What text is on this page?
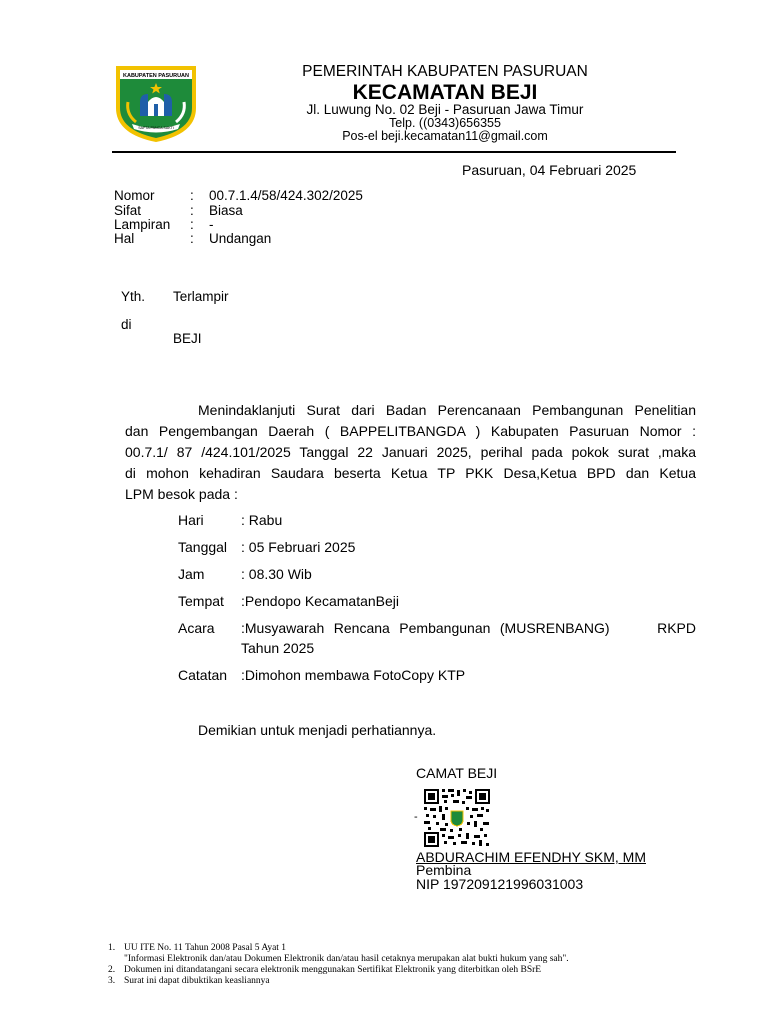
KABUPATEN PASURUAN
SAPTA PANCA SAKTI
PEMERINTAH KABUPATEN PASURUAN
KECAMATAN BEJI
Jl. Luwung No. 02 Beji - Pasuruan Jawa Timur
Telp. ((0343)656355
Pos-el beji.kecamatan11@gmail.com
Pasuruan, 04 Februari 2025
Nomor	: 00.7.1.4/58/424.302/2025
Sifat	: Biasa
Lampiran : -
Hal	: Undangan
Yth. Terlampir
di
BEJI
Menindaklanjuti Surat dari Badan Perencanaan Pembangunan Penelitian
dan Pengembangan Daerah ( BAPPELITBANGDA ) Kabupaten Pasuruan Nomor :
00.7.1/ 87 /424.101/2025 Tanggal 22 Januari 2025, perihal pada pokok surat ,maka
di mohon kehadiran Saudara beserta Ketua TP PKK Desa,Ketua BPD dan Ketua
LPM besok pada :
Hari	: Rabu
Tanggal : 05 Februari 2025
Jam	: 08.30 Wib
Tempat :Pendopo KecamatanBeji
Acara :Musyawarah Rencana Pembangunan (MUSRENBANG)     RKPD
Tahun 2025
Catatan :Dimohon membawa FotoCopy KTP
Demikian untuk menjadi perhatiannya.
CAMAT BEJI
-
ABDURACHIM EFENDHY SKM, MM
Pembina
NIP 197209121996031003
1. UU ITE No. 11 Tahun 2008 Pasal 5 Ayat 1
"Informasi Elektronik dan/atau Dokumen Elektronik dan/atau hasil cetaknya merupakan alat bukti hukum yang sah".
2. Dokumen ini ditandatangani secara elektronik menggunakan Sertifikat Elektronik yang diterbitkan oleh BSrE
3. Surat ini dapat dibuktikan keasliannya
